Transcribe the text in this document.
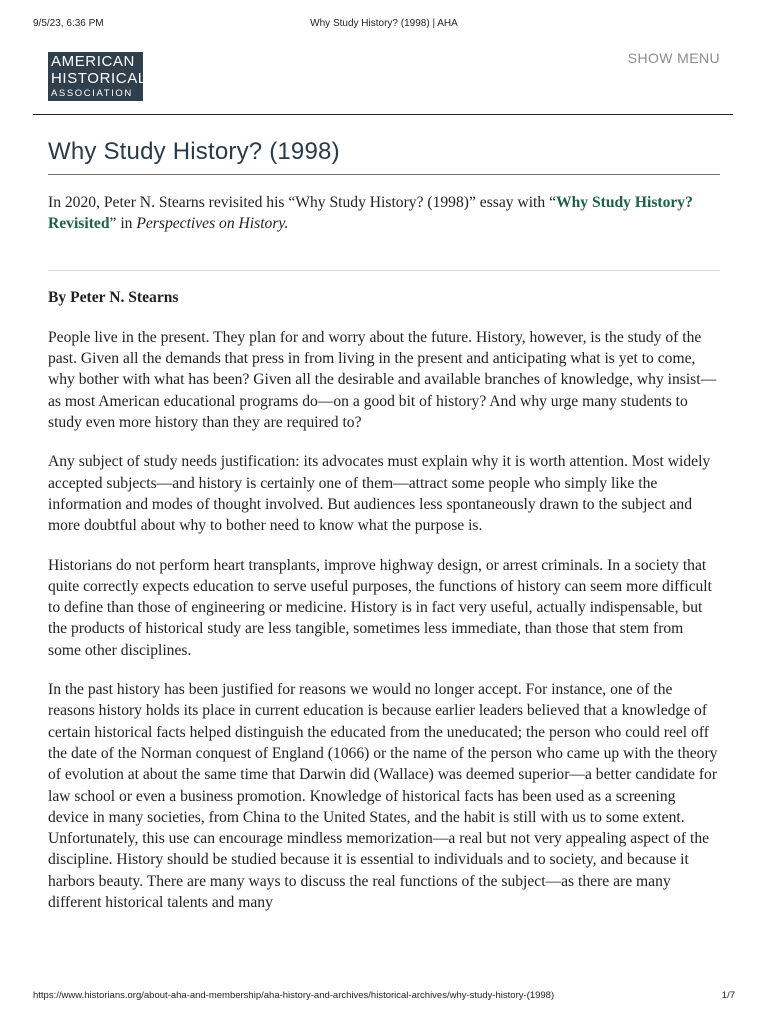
9/5/23, 6:36 PM	Why Study History? (1998) | AHA
AMERICAN
HISTORICAL
ASSOCIATION
SHOW MENU
Why Study History? (1998)

In 2020, Peter N. Stearns revisited his “Why Study History? (1998)” essay with “Why Study History? Revisited” in Perspectives on History.

By Peter N. Stearns

People live in the present. They plan for and worry about the future. History, however, is the study of the past. Given all the demands that press in from living in the present and anticipating what is yet to come, why bother with what has been? Given all the desirable and available branches of knowledge, why insist—as most American educational programs do—on a good bit of history? And why urge many students to study even more history than they are required to?

Any subject of study needs justification: its advocates must explain why it is worth attention. Most widely accepted subjects—and history is certainly one of them—attract some people who simply like the information and modes of thought involved. But audiences less spontaneously drawn to the subject and more doubtful about why to bother need to know what the purpose is.

Historians do not perform heart transplants, improve highway design, or arrest criminals. In a society that quite correctly expects education to serve useful purposes, the functions of history can seem more difficult to define than those of engineering or medicine. History is in fact very useful, actually indispensable, but the products of historical study are less tangible, sometimes less immediate, than those that stem from some other disciplines.

In the past history has been justified for reasons we would no longer accept. For instance, one of the reasons history holds its place in current education is because earlier leaders believed that a knowledge of certain historical facts helped distinguish the educated from the uneducated; the person who could reel off the date of the Norman conquest of England (1066) or the name of the person who came up with the theory of evolution at about the same time that Darwin did (Wallace) was deemed superior—a better candidate for law school or even a business promotion. Knowledge of historical facts has been used as a screening device in many societies, from China to the United States, and the habit is still with us to some extent. Unfortunately, this use can encourage mindless memorization—a real but not very appealing aspect of the discipline. History should be studied because it is essential to individuals and to society, and because it harbors beauty. There are many ways to discuss the real functions of the subject—as there are many different historical talents and many

https://www.historians.org/about-aha-and-membership/aha-history-and-archives/historical-archives/why-study-history-(1998)	1/7
